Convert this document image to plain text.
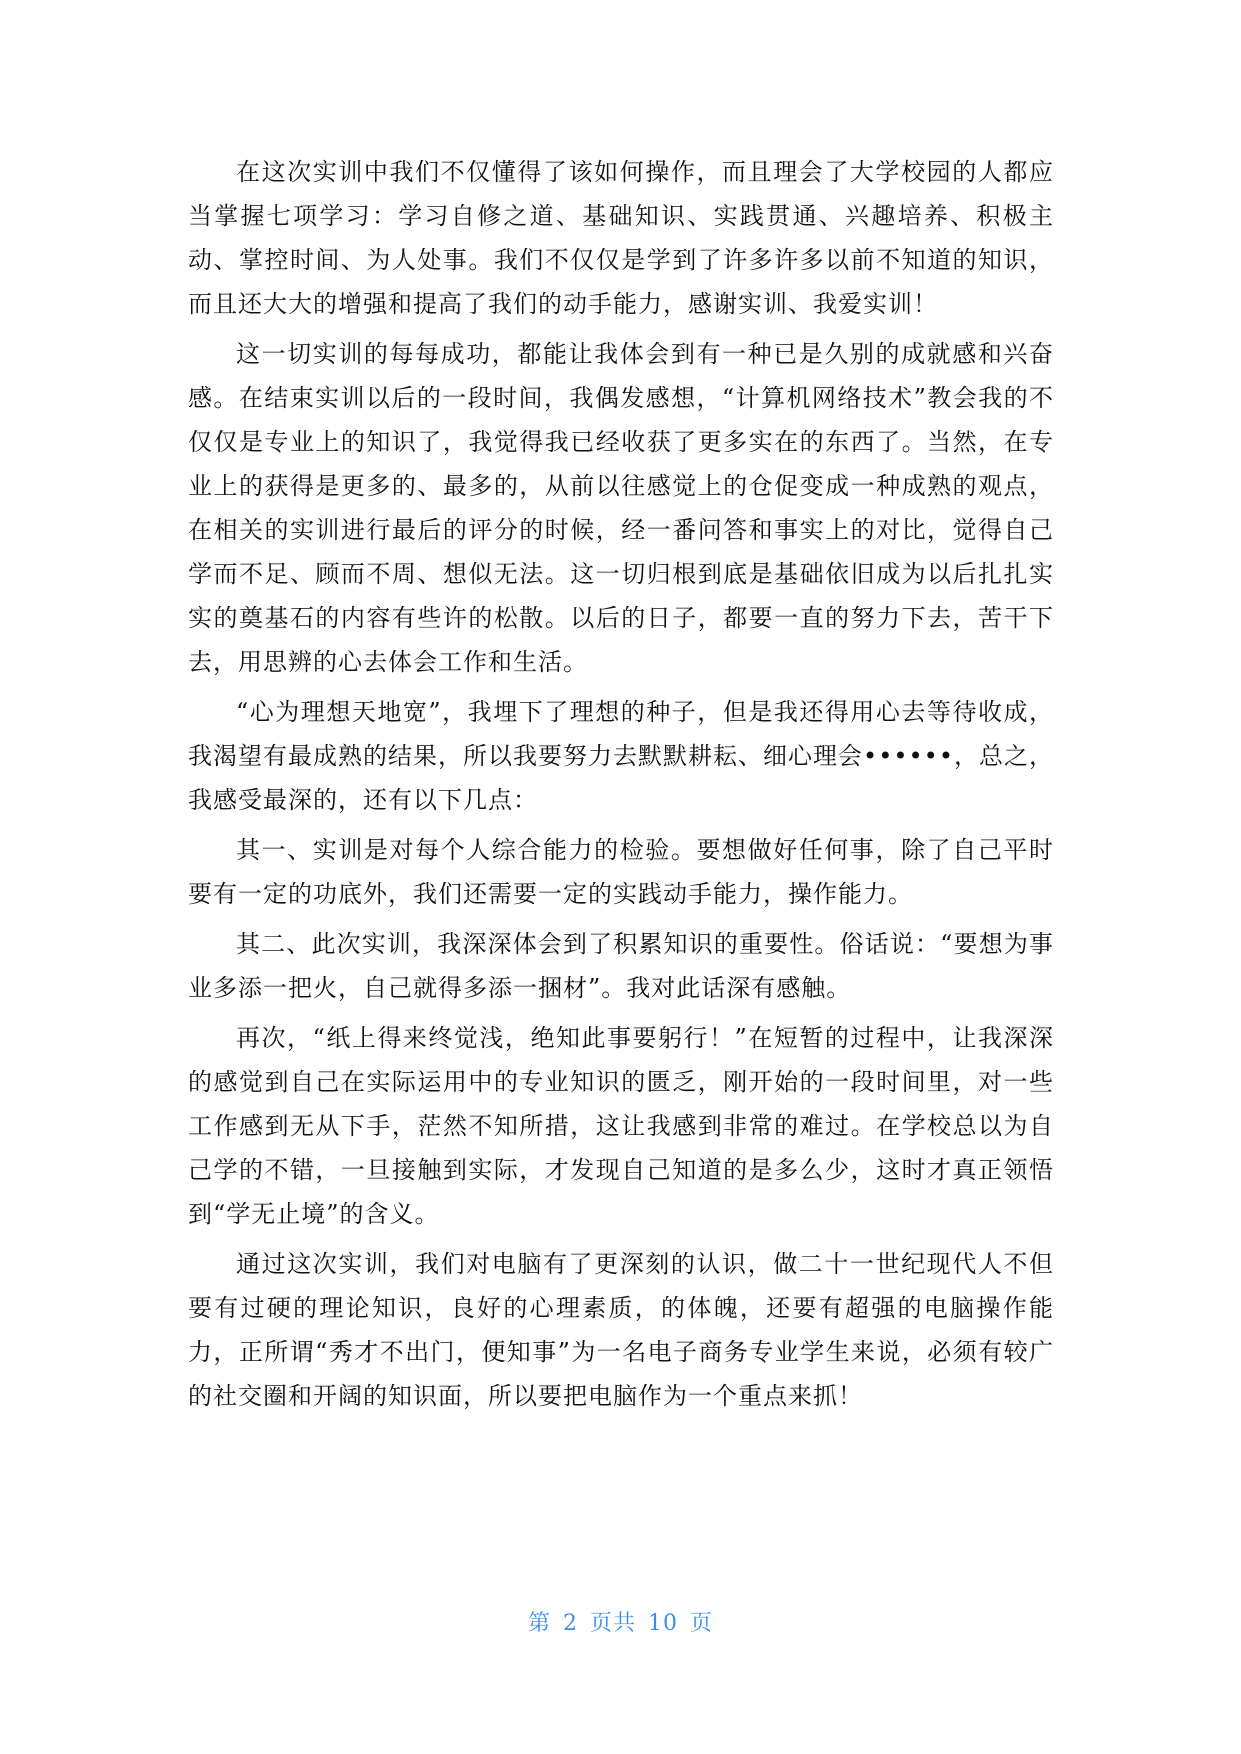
在这次实训中我们不仅懂得了该如何操作，而且理会了大学校园的人都应当掌握七项学习：学习自修之道、基础知识、实践贯通、兴趣培养、积极主动、掌控时间、为人处事。我们不仅仅是学到了许多许多以前不知道的知识，而且还大大的增强和提高了我们的动手能力，感谢实训、我爱实训！

这一切实训的每每成功，都能让我体会到有一种已是久别的成就感和兴奋感。在结束实训以后的一段时间，我偶发感想，“计算机网络技术”教会我的不仅仅是专业上的知识了，我觉得我已经收获了更多实在的东西了。当然，在专业上的获得是更多的、最多的，从前以往感觉上的仓促变成一种成熟的观点，在相关的实训进行最后的评分的时候，经一番问答和事实上的对比，觉得自己学而不足、顾而不周、想似无法。这一切归根到底是基础依旧成为以后扎扎实实的奠基石的内容有些许的松散。以后的日子，都要一直的努力下去，苦干下去，用思辨的心去体会工作和生活。

“心为理想天地宽”，我埋下了理想的种子，但是我还得用心去等待收成，我渴望有最成熟的结果，所以我要努力去默默耕耘、细心理会••••••，总之，我感受最深的，还有以下几点：

其一、实训是对每个人综合能力的检验。要想做好任何事，除了自己平时要有一定的功底外，我们还需要一定的实践动手能力，操作能力。

其二、此次实训，我深深体会到了积累知识的重要性。俗话说：“要想为事业多添一把火，自己就得多添一捆材”。我对此话深有感触。

再次，“纸上得来终觉浅，绝知此事要躬行！”在短暂的过程中，让我深深的感觉到自己在实际运用中的专业知识的匮乏，刚开始的一段时间里，对一些工作感到无从下手，茫然不知所措，这让我感到非常的难过。在学校总以为自己学的不错，一旦接触到实际，才发现自己知道的是多么少，这时才真正领悟到“学无止境”的含义。

通过这次实训，我们对电脑有了更深刻的认识，做二十一世纪现代人不但要有过硬的理论知识，良好的心理素质，的体魄，还要有超强的电脑操作能力，正所谓“秀才不出门，便知事”为一名电子商务专业学生来说，必须有较广的社交圈和开阔的知识面，所以要把电脑作为一个重点来抓！

第 2 页共 10 页
